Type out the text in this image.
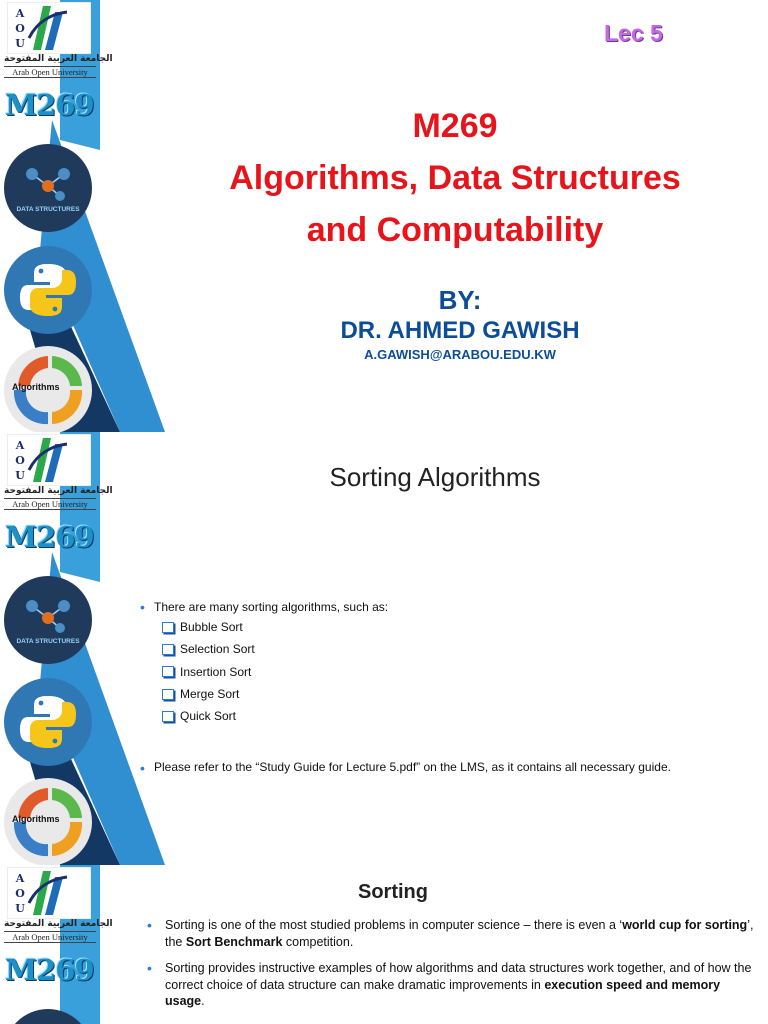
A
O
U
الجامعة العربية المفتوحة
Arab Open University
M269
DATA STRUCTURES
Algorithms
Lec 5
M269
Algorithms, Data Structures
and Computability
BY:
DR. AHMED GAWISH
A.GAWISH@ARABOU.EDU.KW
A
O
U
الجامعة العربية المفتوحة
Arab Open University
M269
DATA STRUCTURES
Algorithms
Sorting Algorithms
• There are many sorting algorithms, such as:
Bubble Sort
Selection Sort
Insertion Sort
Merge Sort
Quick Sort
• Please refer to the “Study Guide for Lecture 5.pdf” on the LMS, as it contains all necessary guide.
A
O
U
الجامعة العربية المفتوحة
Arab Open University
M269
Sorting
•	Sorting is one of the most studied problems in computer science – there is even a ‘world cup for sorting’, the Sort Benchmark competition.
•	Sorting provides instructive examples of how algorithms and data structures work together, and of how the correct choice of data structure can make dramatic improvements in execution speed and memory usage.
